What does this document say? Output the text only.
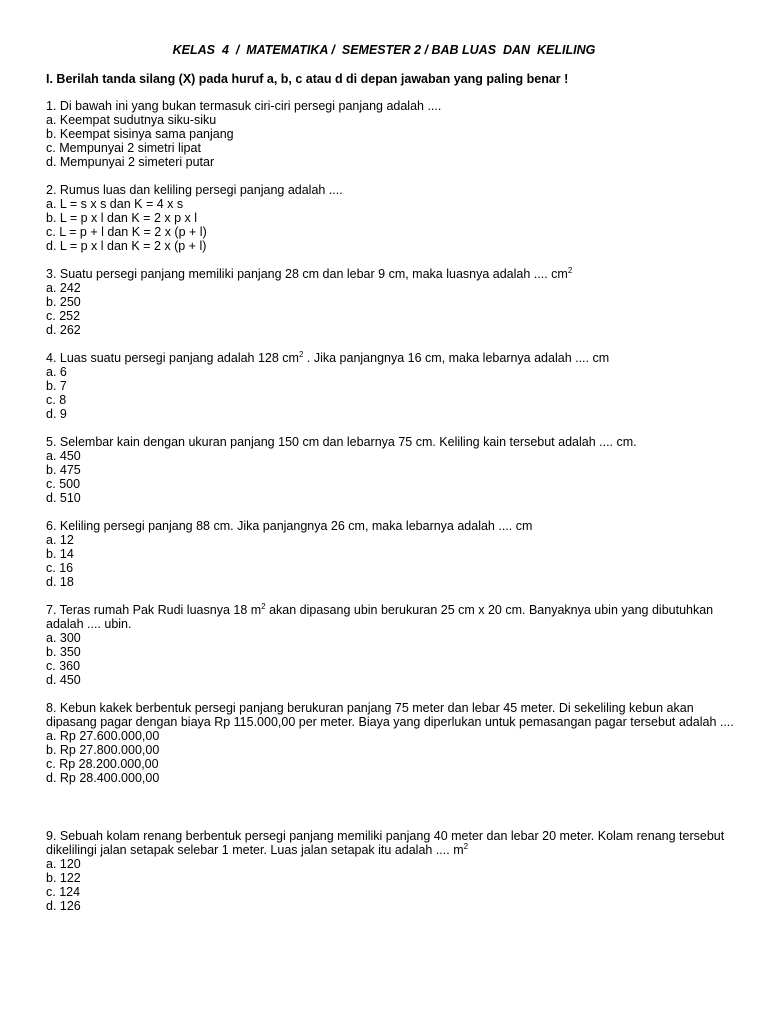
KELAS  4  /  MATEMATIKA /  SEMESTER 2 / BAB LUAS  DAN  KELILING
I. Berilah tanda silang (X) pada huruf a, b, c atau d di depan jawaban yang paling benar !
1. Di bawah ini yang bukan termasuk ciri-ciri persegi panjang adalah ....
a. Keempat sudutnya siku-siku
b. Keempat sisinya sama panjang
c. Mempunyai 2 simetri lipat
d. Mempunyai 2 simeteri putar
2. Rumus luas dan keliling persegi panjang adalah ....
a. L = s x s dan K = 4 x s
b. L = p x l dan K = 2 x p x l
c. L = p + l dan K = 2 x (p + l)
d. L = p x l dan K = 2 x (p + l)
3. Suatu persegi panjang memiliki panjang 28 cm dan lebar 9 cm, maka luasnya adalah .... $cm^2$
a. 242
b. 250
c. 252
d. 262
4. Luas suatu persegi panjang adalah 128 $cm^2$ . Jika panjangnya 16 cm, maka lebarnya adalah .... cm
a. 6
b. 7
c. 8
d. 9
5. Selembar kain dengan ukuran panjang 150 cm dan lebarnya 75 cm. Keliling kain tersebut adalah .... cm.
a. 450
b. 475
c. 500
d. 510
6. Keliling persegi panjang 88 cm. Jika panjangnya 26 cm, maka lebarnya adalah .... cm
a. 12
b. 14
c. 16
d. 18
7. Teras rumah Pak Rudi luasnya 18 $m^2$ akan dipasang ubin berukuran 25 cm x 20 cm. Banyaknya ubin yang dibutuhkan adalah .... ubin.
a. 300
b. 350
c. 360
d. 450
8. Kebun kakek berbentuk persegi panjang berukuran panjang 75 meter dan lebar 45 meter. Di sekeliling kebun akan dipasang pagar dengan biaya Rp 115.000,00 per meter. Biaya yang diperlukan untuk pemasangan pagar tersebut adalah ....
a. Rp 27.600.000,00
b. Rp 27.800.000,00
c. Rp 28.200.000,00
d. Rp 28.400.000,00
9. Sebuah kolam renang berbentuk persegi panjang memiliki panjang 40 meter dan lebar 20 meter. Kolam renang tersebut dikelilingi jalan setapak selebar 1 meter. Luas jalan setapak itu adalah .... $m^2$
a. 120
b. 122
c. 124
d. 126
